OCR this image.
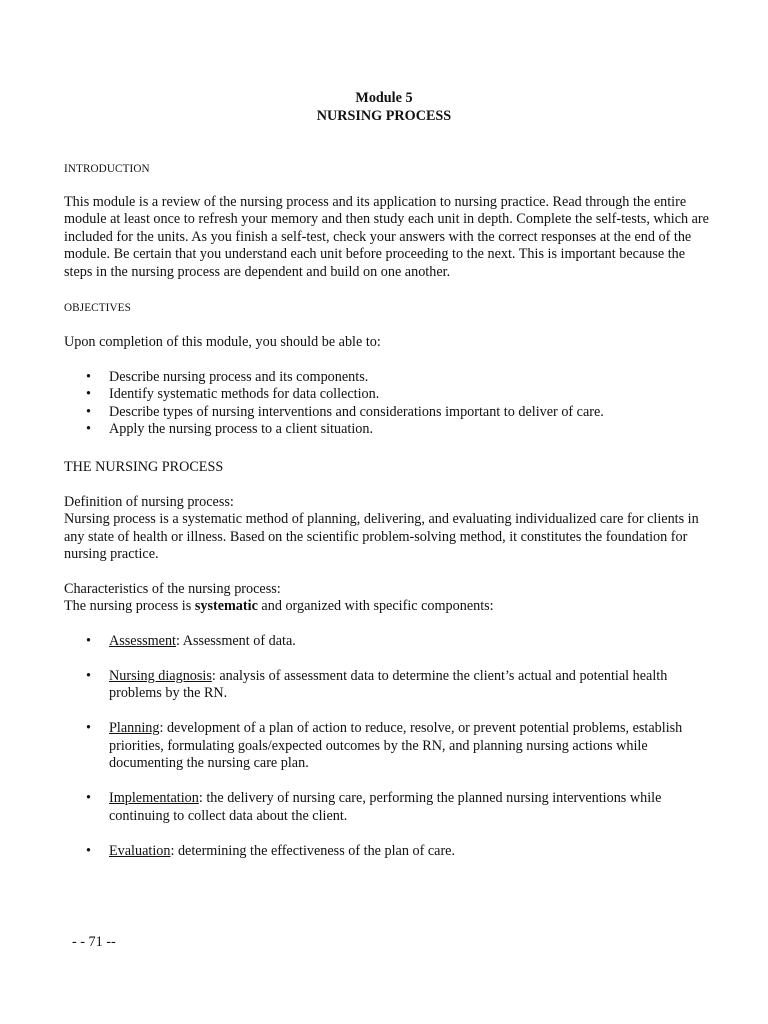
Module 5
NURSING PROCESS
INTRODUCTION

This module is a review of the nursing process and its application to nursing practice. Read through the entire module at least once to refresh your memory and then study each unit in depth. Complete the self-tests, which are included for the units. As you finish a self-test, check your answers with the correct responses at the end of the module. Be certain that you understand each unit before proceeding to the next. This is important because the steps in the nursing process are dependent and build on one another.

OBJECTIVES
Upon completion of this module, you should be able to:
• Describe nursing process and its components.
• Identify systematic methods for data collection.
• Describe types of nursing interventions and considerations important to deliver of care.
• Apply the nursing process to a client situation.
THE NURSING PROCESS

Definition of nursing process:

Nursing process is a systematic method of planning, delivering, and evaluating individualized care for clients in any state of health or illness. Based on the scientific problem-solving method, it constitutes the foundation for nursing practice.

Characteristics of the nursing process:

The nursing process is systematic and organized with specific components:

• Assessment: Assessment of data.
• Nursing diagnosis: analysis of assessment data to determine the client’s actual and potential health problems by the RN.
• Planning: development of a plan of action to reduce, resolve, or prevent potential problems, establish priorities, formulating goals/expected outcomes by the RN, and planning nursing actions while documenting the nursing care plan.
• Implementation: the delivery of nursing care, performing the planned nursing interventions while continuing to collect data about the client.
• Evaluation: determining the effectiveness of the plan of care.
- - 71 --
